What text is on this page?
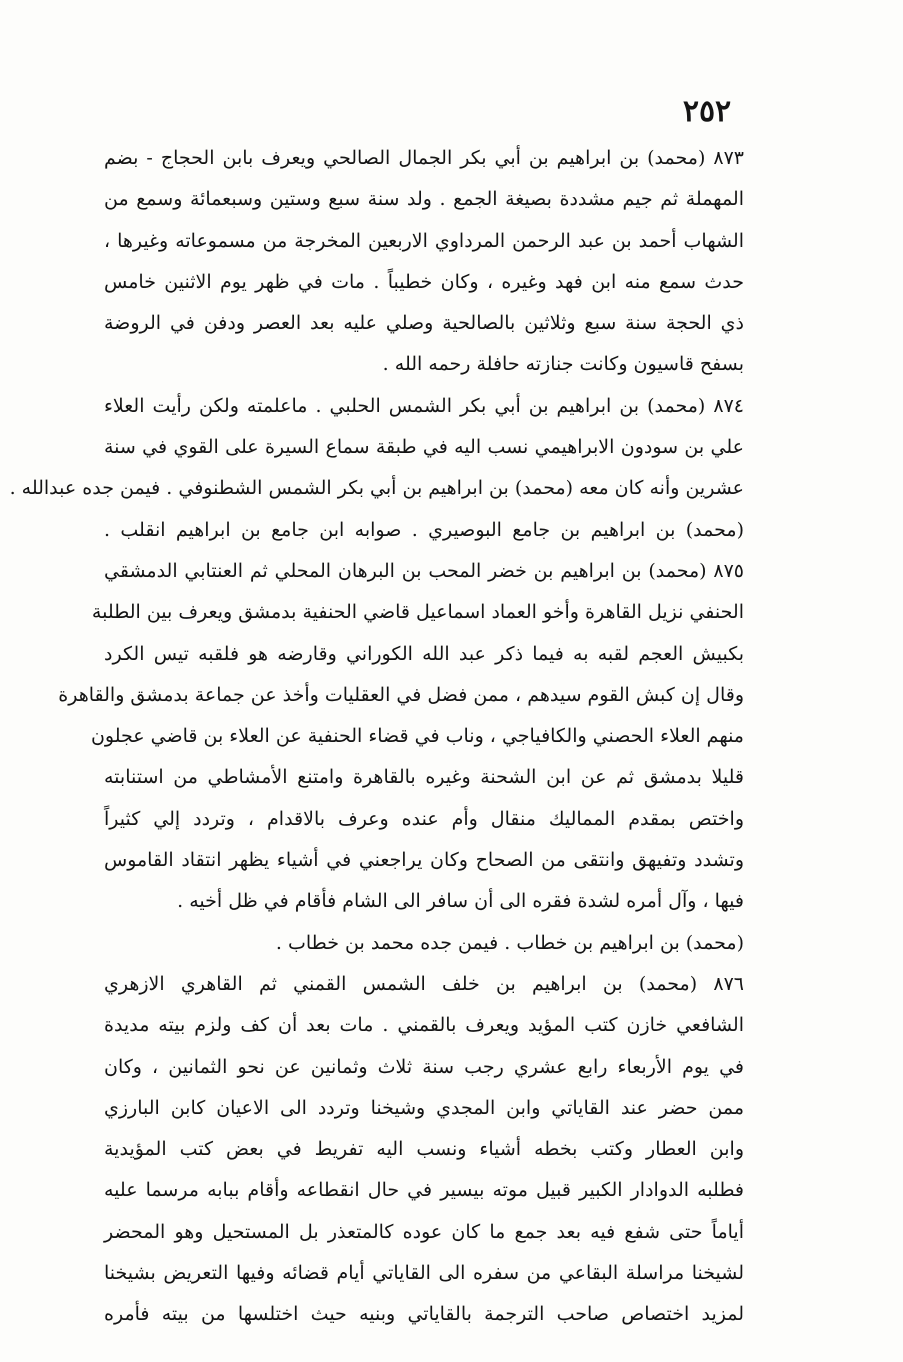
٢٥٢
٨٧٣ (محمد) بن ابراهيم بن أبي بكر الجمال الصالحي ويعرف بابن الحجاج - بضم
المهملة ثم جيم مشددة بصيغة الجمع . ولد سنة سبع وستين وسبعمائة وسمع من
الشهاب أحمد بن عبد الرحمن المرداوي الاربعين المخرجة من مسموعاته وغيرها ،
حدث سمع منه ابن فهد وغيره ، وكان خطيباً . مات في ظهر يوم الاثنين خامس
ذي الحجة سنة سبع وثلاثين بالصالحية وصلي عليه بعد العصر ودفن في الروضة
بسفح قاسيون وكانت جنازته حافلة رحمه الله .
٨٧٤ (محمد) بن ابراهيم بن أبي بكر الشمس الحلبي . ماعلمته ولكن رأيت العلاء
علي بن سودون الابراهيمي نسب اليه في طبقة سماع السيرة على القوي في سنة
عشرين وأنه كان معه (محمد) بن ابراهيم بن أبي بكر الشمس الشطنوفي . فيمن جده عبدالله .
(محمد) بن ابراهيم بن جامع البوصيري . صوابه ابن جامع بن ابراهيم انقلب .
٨٧٥ (محمد) بن ابراهيم بن خضر المحب بن البرهان المحلي ثم العنتابي الدمشقي
الحنفي نزيل القاهرة وأخو العماد اسماعيل قاضي الحنفية بدمشق ويعرف بين الطلبة
بكبيش العجم لقبه به فيما ذكر عبد الله الكوراني وقارضه هو فلقبه تيس الكرد
وقال إن كبش القوم سيدهم ، ممن فضل في العقليات وأخذ عن جماعة بدمشق والقاهرة
منهم العلاء الحصني والكافياجي ، وناب في قضاء الحنفية عن العلاء بن قاضي عجلون
قليلا بدمشق ثم عن ابن الشحنة وغيره بالقاهرة وامتنع الأمشاطي من استنابته
واختص بمقدم المماليك منقال وأم عنده وعرف بالاقدام ، وتردد إلي كثيراً
وتشدد وتفيهق وانتقى من الصحاح وكان يراجعني في أشياء يظهر انتقاد القاموس
فيها ، وآل أمره لشدة فقره الى أن سافر الى الشام فأقام في ظل أخيه .
(محمد) بن ابراهيم بن خطاب . فيمن جده محمد بن خطاب .
٨٧٦ (محمد) بن ابراهيم بن خلف الشمس القمني ثم القاهري الازهري
الشافعي خازن كتب المؤيد ويعرف بالقمني . مات بعد أن كف ولزم بيته مديدة
في يوم الأربعاء رابع عشري رجب سنة ثلاث وثمانين عن نحو الثمانين ، وكان
ممن حضر عند القاياتي وابن المجدي وشيخنا وتردد الى الاعيان كابن البارزي
وابن العطار وكتب بخطه أشياء ونسب اليه تفريط في بعض كتب المؤيدية
فطلبه الدوادار الكبير قبيل موته بيسير في حال انقطاعه وأقام ببابه مرسما عليه
أياماً حتى شفع فيه بعد جمع ما كان عوده كالمتعذر بل المستحيل وهو المحضر
لشيخنا مراسلة البقاعي من سفره الى القاياتي أيام قضائه وفيها التعريض بشيخنا
لمزيد اختصاص صاحب الترجمة بالقاياتي وبنيه حيث اختلسها من بيته فأمره
